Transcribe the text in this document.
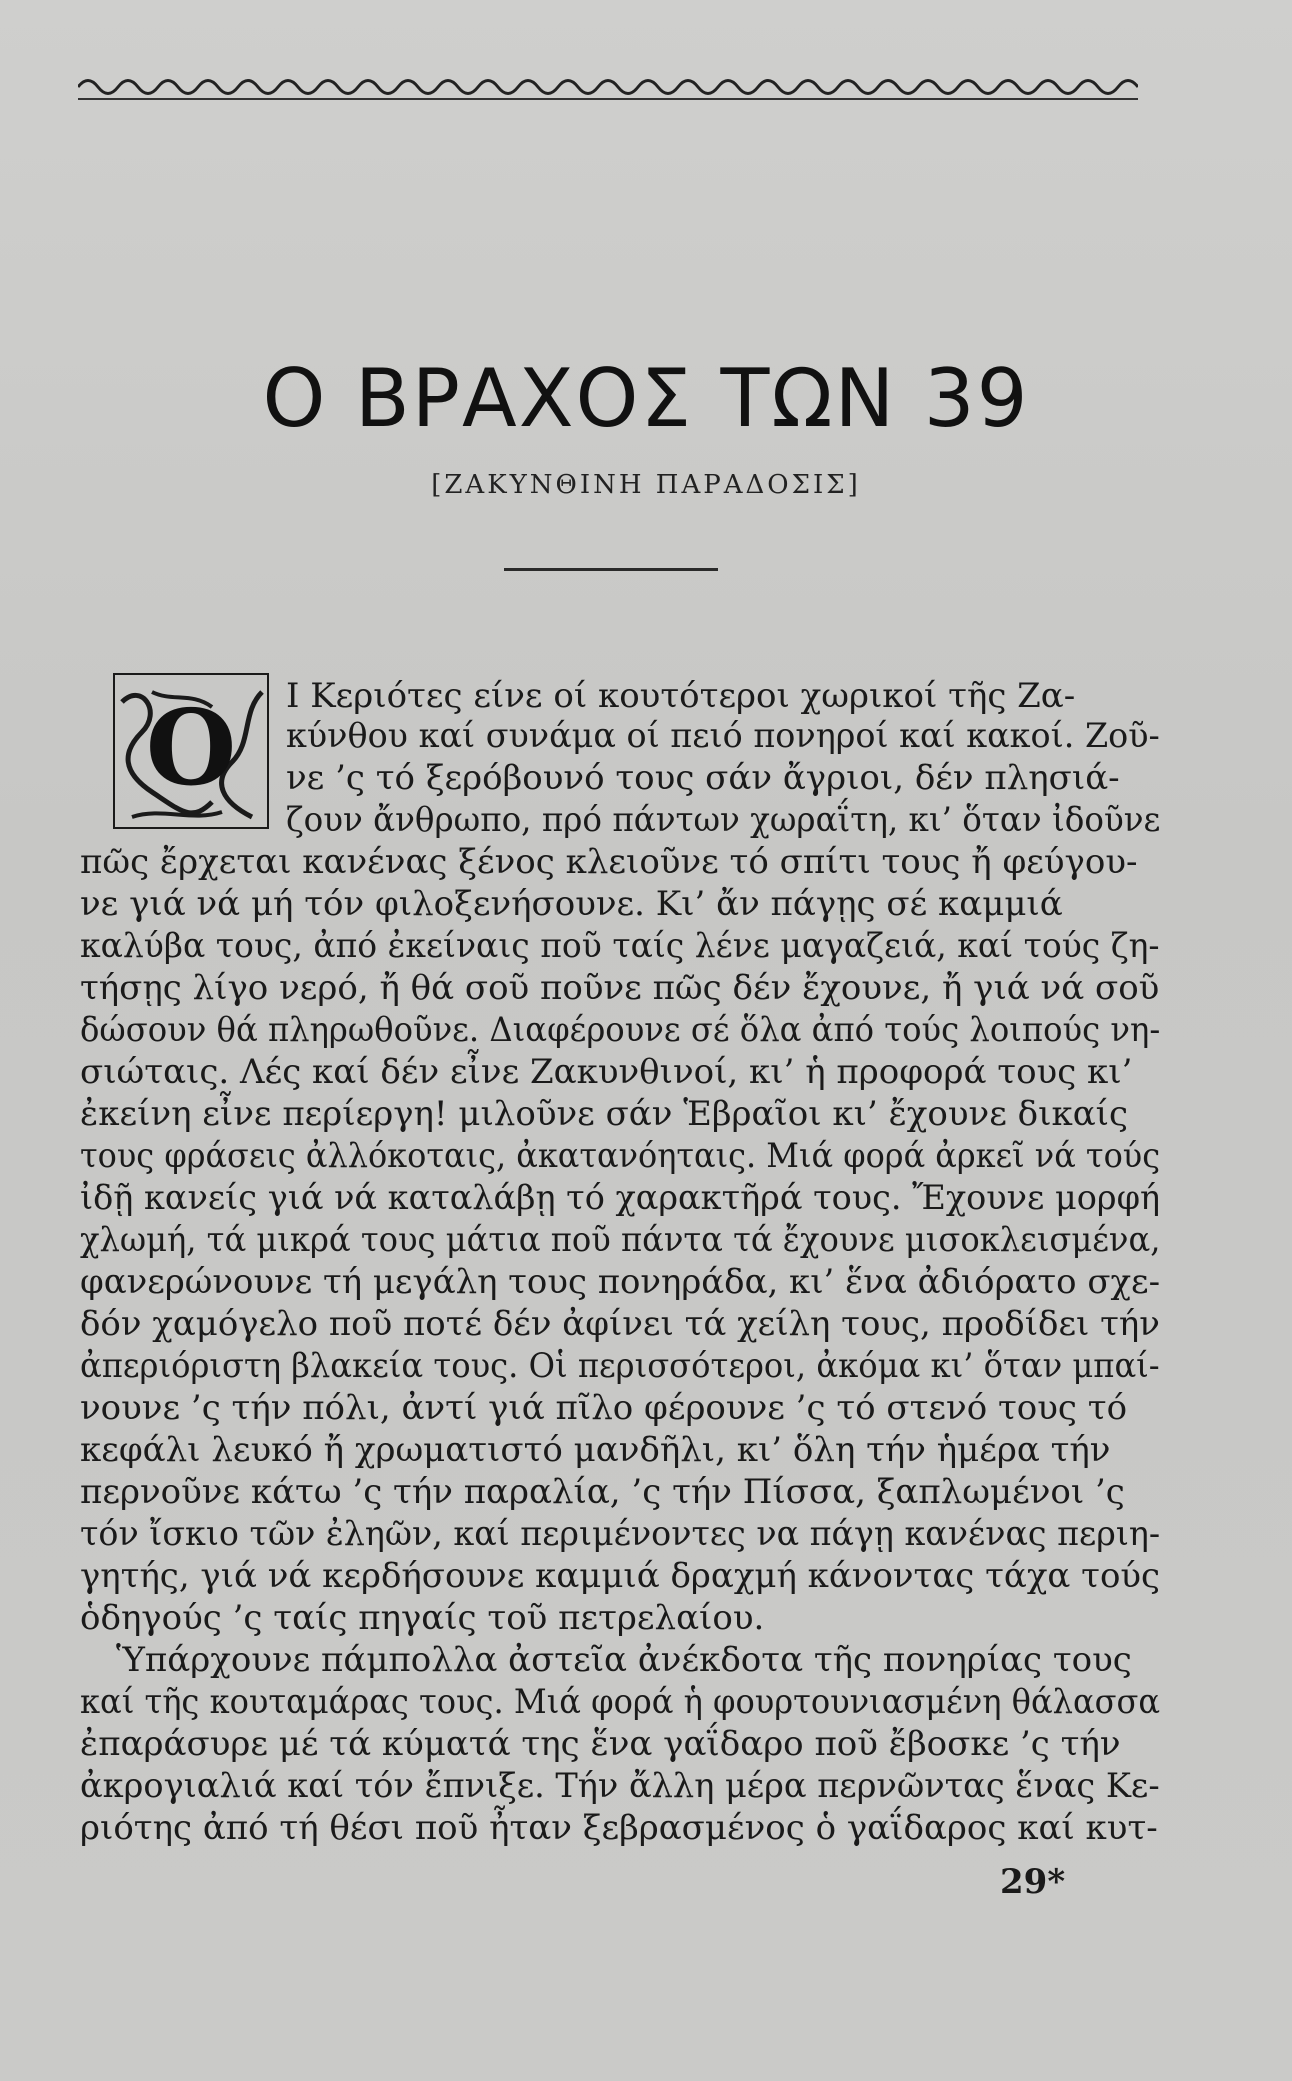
Ο ΒΡΑΧΟΣ ΤΩΝ 39
[ΖΑΚΥΝΘΙΝΗ ΠΑΡΑΔΟΣΙΣ]
Ο Ι Κεριότες είνε οί κουτότεροι χωρικοί τῆς Ζα-
κύνθου καί συνάμα οί πειό πονηροί καί κακοί. Ζοῦ-
νε ’ς τό ξερόβουνό τους σάν ἄγριοι, δέν πλησιά-
ζουν ἄνθρωπο, πρό πάντων χωραΐτη, κι’ ὅταν ἰδοῦνε
πῶς ἔρχεται κανένας ξένος κλειοῦνε τό σπίτι τους ἤ φεύγου-
νε γιά νά μή τόν φιλοξενήσουνε. Κι’ ἄν πάγῃς σέ καμμιά
καλύβα τους, ἀπό ἐκείναις ποῦ ταίς λένε μαγαζειά, καί τούς ζη-
τήσῃς λίγο νερό, ἤ θά σοῦ ποῦνε πῶς δέν ἔχουνε, ἤ γιά νά σοῦ
δώσουν θά πληρωθοῦνε. Διαφέρουνε σέ ὅλα ἀπό τούς λοιπούς νη-
σιώταις. Λές καί δέν εἶνε Ζακυνθινοί, κι’ ἡ προφορά τους κι’
ἐκείνη εἶνε περίεργη! μιλοῦνε σάν Ἑβραῖοι κι’ ἔχουνε δικαίς
τους φράσεις ἀλλόκοταις, ἀκατανόηταις. Μιά φορά ἀρκεῖ νά τούς
ἰδῇ κανείς γιά νά καταλάβῃ τό χαρακτῆρά τους. Ἔχουνε μορφή
χλωμή, τά μικρά τους μάτια ποῦ πάντα τά ἔχουνε μισοκλεισμένα,
φανερώνουνε τή μεγάλη τους πονηράδα, κι’ ἕνα ἀδιόρατο σχε-
δόν χαμόγελο ποῦ ποτέ δέν ἀφίνει τά χείλη τους, προδίδει τήν
ἀπεριόριστη βλακεία τους. Οἱ περισσότεροι, ἀκόμα κι’ ὅταν μπαί-
νουνε ’ς τήν πόλι, ἀντί γιά πῖλο φέρουνε ’ς τό στενό τους τό
κεφάλι λευκό ἤ χρωματιστό μανδῆλι, κι’ ὅλη τήν ἡμέρα τήν
περνοῦνε κάτω ’ς τήν παραλία, ’ς τήν Πίσσα, ξαπλωμένοι ’ς
τόν ἴσκιο τῶν ἐληῶν, καί περιμένοντες να πάγῃ κανένας περιη-
γητής, γιά νά κερδήσουνε καμμιά δραχμή κάνοντας τάχα τούς
ὁδηγούς ’ς ταίς πηγαίς τοῦ πετρελαίου.
Ὑπάρχουνε πάμπολλα ἀστεῖα ἀνέκδοτα τῆς πονηρίας τους
καί τῆς κουταμάρας τους. Μιά φορά ἡ φουρτουνιασμένη θάλασσα
ἐπαράσυρε μέ τά κύματά της ἕνα γαΐδαρο ποῦ ἔβοσκε ’ς τήν
ἀκρογιαλιά καί τόν ἔπνιξε. Τήν ἄλλη μέρα περνῶντας ἕνας Κε-
ριότης ἀπό τή θέσι ποῦ ἦταν ξεβρασμένος ὁ γαΐδαρος καί κυτ-
29*
